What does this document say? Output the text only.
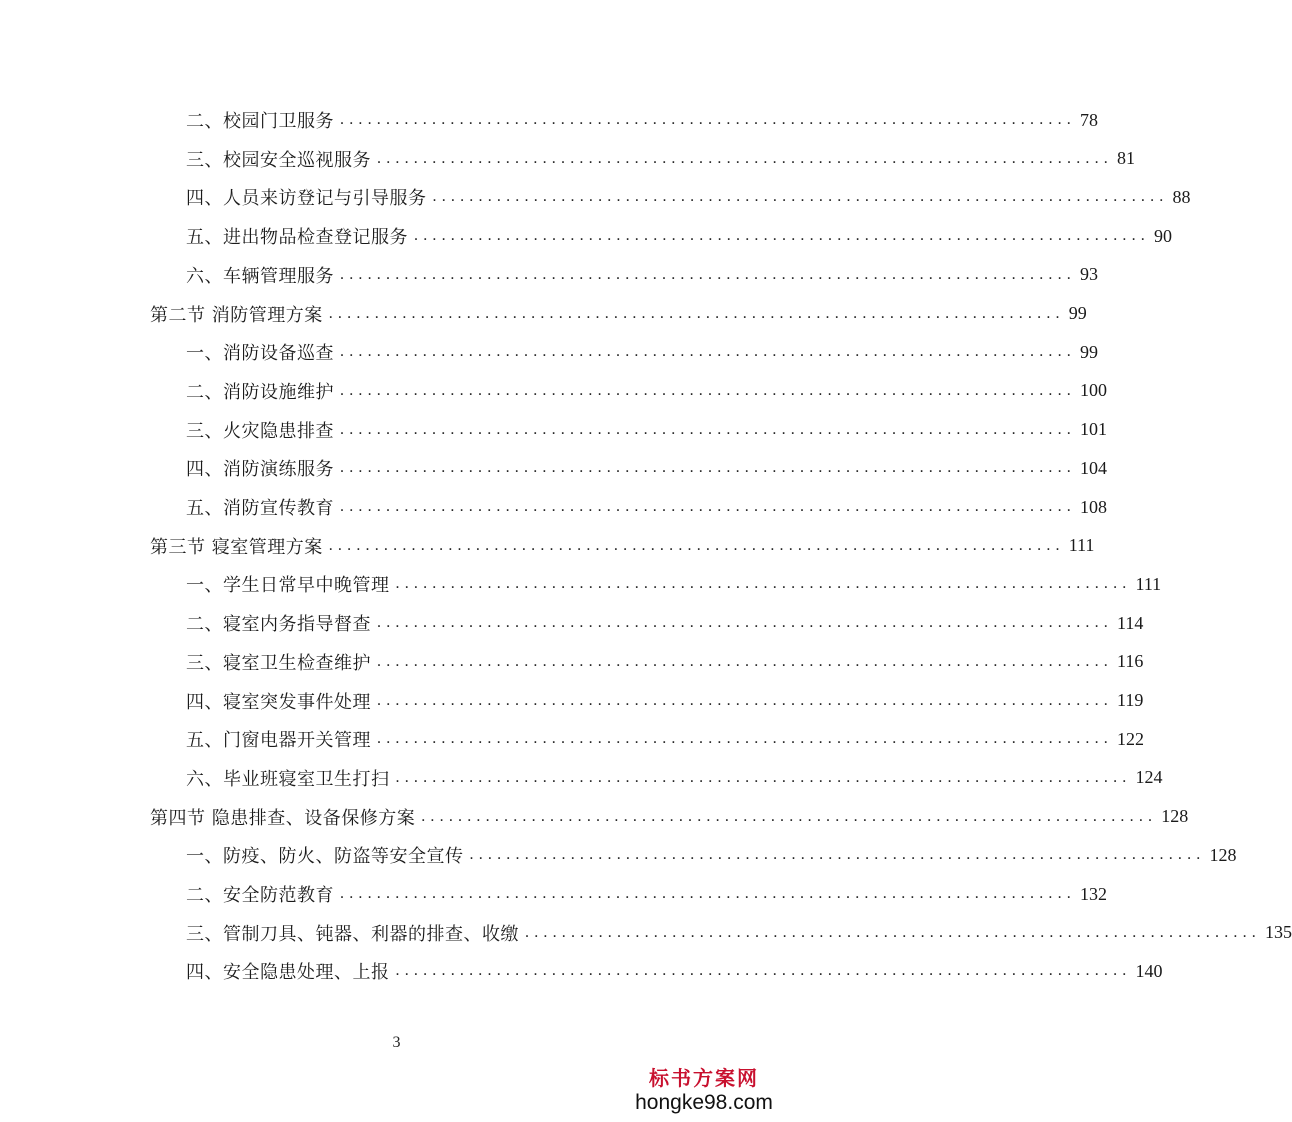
二、校园门卫服务 ................................................................................ 78
三、校园安全巡视服务 ................................................................................ 81
四、人员来访登记与引导服务 ................................................................................ 88
五、进出物品检查登记服务 ................................................................................ 90
六、车辆管理服务 ................................................................................ 93
第二节 消防管理方案 ................................................................................ 99
一、消防设备巡查 ................................................................................ 99
二、消防设施维护 ................................................................................ 100
三、火灾隐患排查 ................................................................................ 101
四、消防演练服务 ................................................................................ 104
五、消防宣传教育 ................................................................................ 108
第三节 寝室管理方案 ................................................................................ 111
一、学生日常早中晚管理 ................................................................................ 111
二、寝室内务指导督查 ................................................................................ 114
三、寝室卫生检查维护 ................................................................................ 116
四、寝室突发事件处理 ................................................................................ 119
五、门窗电器开关管理 ................................................................................ 122
六、毕业班寝室卫生打扫 ................................................................................ 124
第四节 隐患排查、设备保修方案 ................................................................................ 128
一、防疫、防火、防盗等安全宣传 ................................................................................ 128
二、安全防范教育 ................................................................................ 132
三、管制刀具、钝器、利器的排查、收缴 ................................................................................ 135
四、安全隐患处理、上报 ................................................................................ 140
3
标书方案网
hongke98.com
